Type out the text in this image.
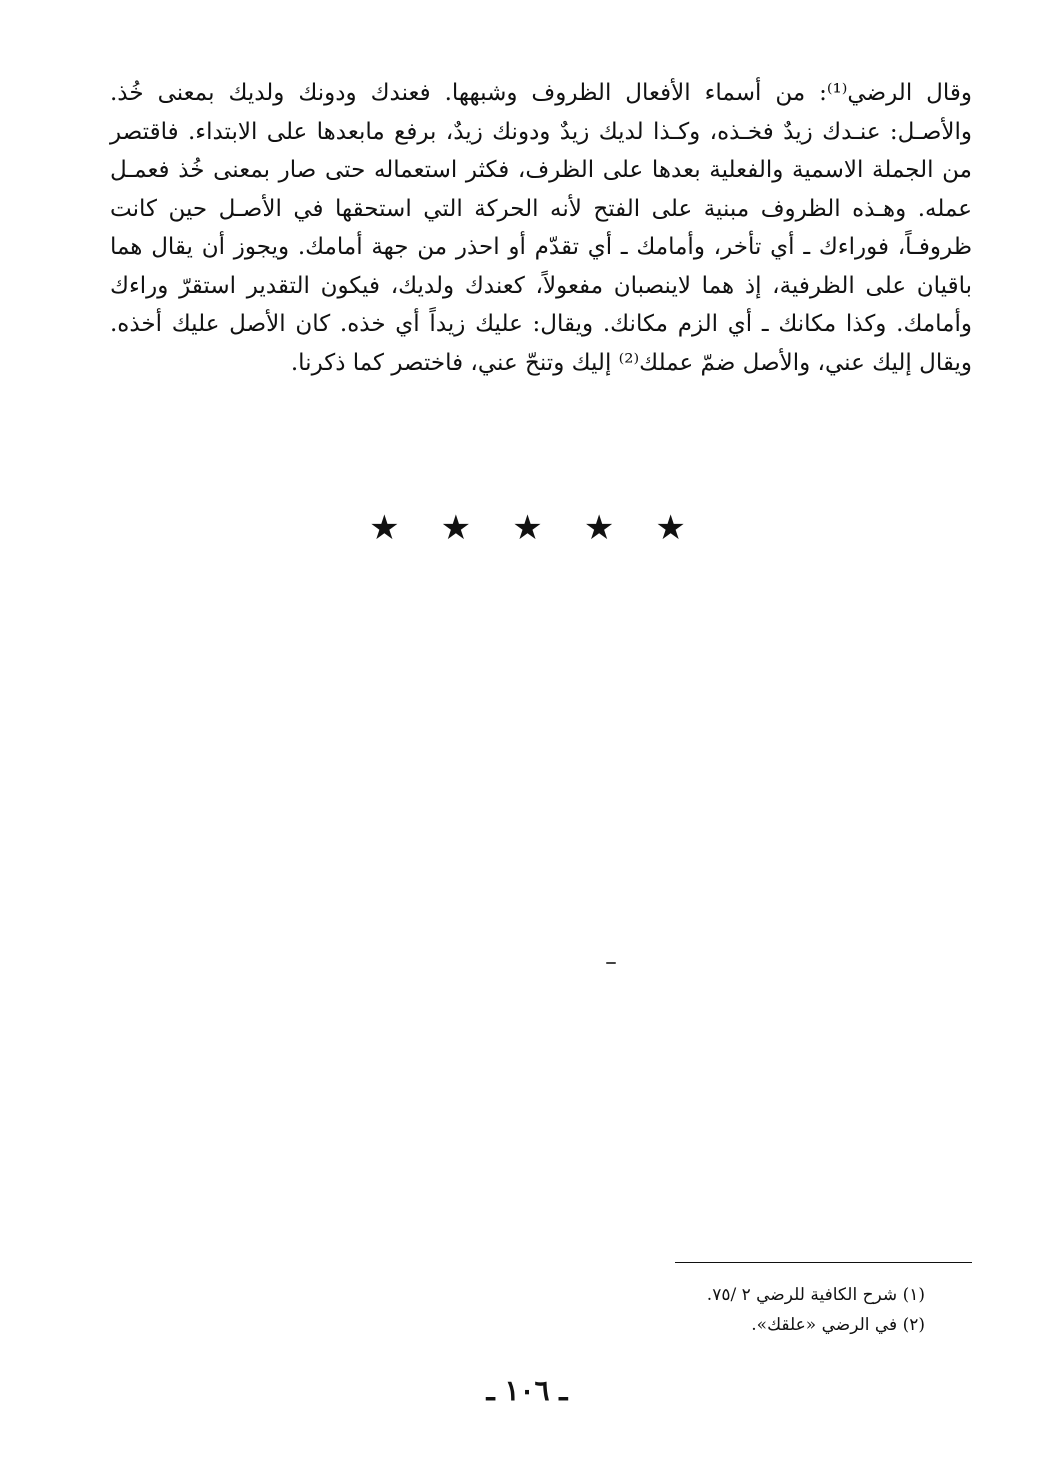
وقال الرضي⁽¹⁾: من أسماء الأفعال الظروف وشبهها. فعندك ودونك ولديك بمعنى خُذ. والأصـل: عنـدك زيدٌ فخـذه، وكـذا لديك زيدٌ ودونك زيدٌ، برفع مابعدها على الابتداء. فاقتصر من الجملة الاسمية والفعلية بعدها على الظرف، فكثر استعماله حتى صار بمعنى خُذ فعمـل عمله. وهـذه الظروف مبنية على الفتح لأنه الحركة التي استحقها في الأصـل حين كانت ظروفـاً، فوراءك ـ أي تأخر، وأمامك ـ أي تقدّم أو احذر من جهة أمامك. ويجوز أن يقال هما باقيان على الظرفية، إذ هما لاينصبان مفعولاً، كعندك ولديك، فيكون التقدير استقرّ وراءك وأمامك. وكذا مكانك ـ أي الزم مكانك. ويقال: عليك زيداً أي خذه. كان الأصل عليك أخذه. ويقال إليك عني، والأصل ضمّ عملك⁽²⁾ إليك وتنحّ عني، فاختصر كما ذكرنا.

★ ★ ★ ★ ★

(١) شرح الكافية للرضي ٢ /٧٥.

(٢) في الرضي «علقك».

ـ ١٠٦ ـ
